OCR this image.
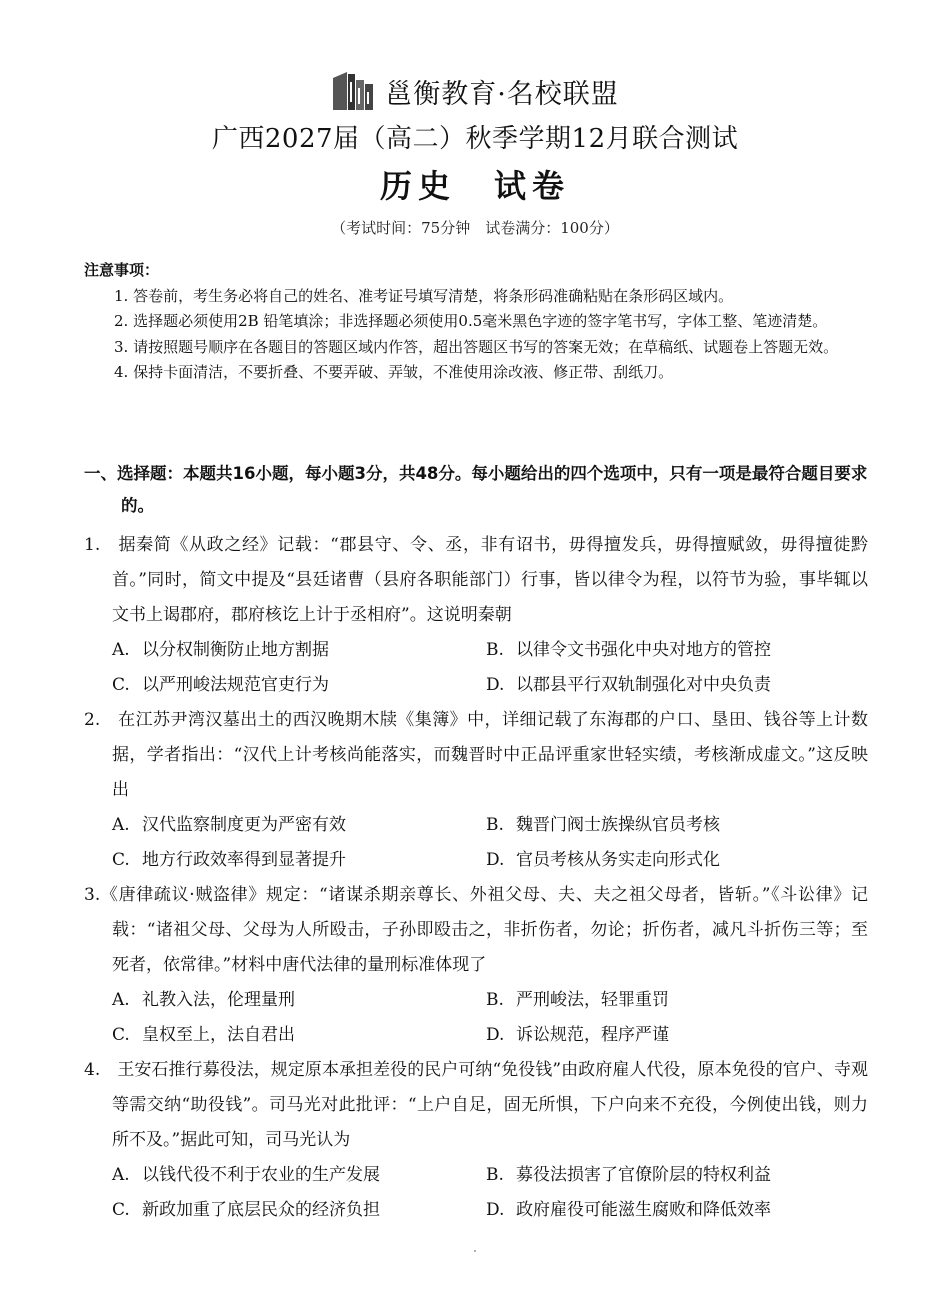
邕衡教育·名校联盟
广西2027届（高二）秋季学期12月联合测试
历史　试卷
（考试时间：75分钟　试卷满分：100分）
注意事项：
1. 答卷前，考生务必将自己的姓名、准考证号填写清楚，将条形码准确粘贴在条形码区域内。
2. 选择题必须使用2B 铅笔填涂；非选择题必须使用0.5毫米黑色字迹的签字笔书写，字体工整、笔迹清楚。
3. 请按照题号顺序在各题目的答题区域内作答，超出答题区书写的答案无效；在草稿纸、试题卷上答题无效。
4. 保持卡面清洁，不要折叠、不要弄破、弄皱，不准使用涂改液、修正带、刮纸刀。
一、选择题：本题共16小题，每小题3分，共48分。每小题给出的四个选项中，只有一项是最符合题目要求的。
1.　据秦简《从政之经》记载：“郡县守、令、丞，非有诏书，毋得擅发兵，毋得擅赋敛，毋得擅徙黔首。”同时，简文中提及“县廷诸曹（县府各职能部门）行事，皆以律令为程，以符节为验，事毕辄以文书上谒郡府，郡府核讫上计于丞相府”。这说明秦朝
A. 以分权制衡防止地方割据	B. 以律令文书强化中央对地方的管控
C. 以严刑峻法规范官吏行为	D. 以郡县平行双轨制强化对中央负责
2.　在江苏尹湾汉墓出土的西汉晚期木牍《集簿》中，详细记载了东海郡的户口、垦田、钱谷等上计数据，学者指出：“汉代上计考核尚能落实，而魏晋时中正品评重家世轻实绩，考核渐成虚文。”这反映出
A. 汉代监察制度更为严密有效	B. 魏晋门阀士族操纵官员考核
C. 地方行政效率得到显著提升	D. 官员考核从务实走向形式化
3.《唐律疏议·贼盗律》规定：“诸谋杀期亲尊长、外祖父母、夫、夫之祖父母者，皆斩。”《斗讼律》记载：“诸祖父母、父母为人所殴击，子孙即殴击之，非折伤者，勿论；折伤者，减凡斗折伤三等；至死者，依常律。”材料中唐代法律的量刑标准体现了
A. 礼教入法，伦理量刑	B. 严刑峻法，轻罪重罚
C. 皇权至上，法自君出	D. 诉讼规范，程序严谨
4.　王安石推行募役法，规定原本承担差役的民户可纳“免役钱”由政府雇人代役，原本免役的官户、寺观等需交纳“助役钱”。司马光对此批评：“上户自足，固无所惧，下户向来不充役，今例使出钱，则力所不及。”据此可知，司马光认为
A. 以钱代役不利于农业的生产发展	B. 募役法损害了官僚阶层的特权利益
C. 新政加重了底层民众的经济负担	D. 政府雇役可能滋生腐败和降低效率
